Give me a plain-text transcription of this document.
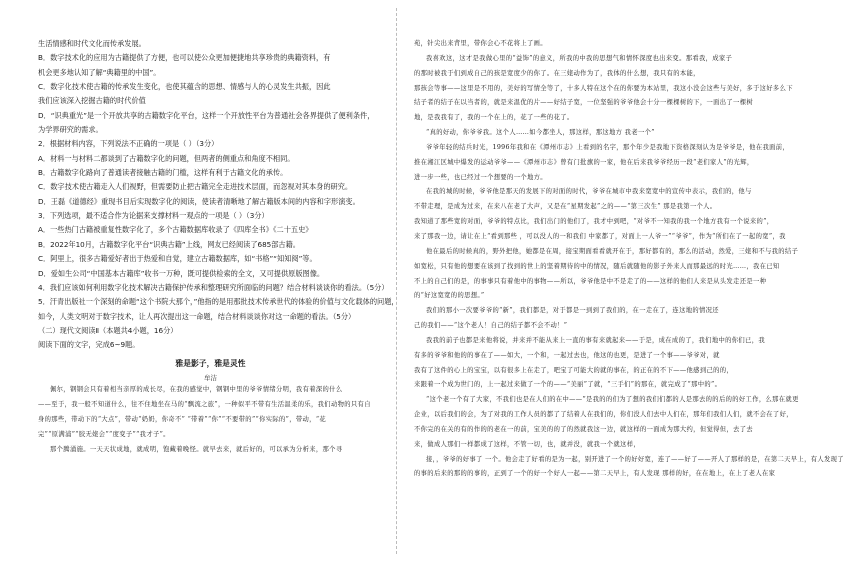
生活情感和时代文化而传承发展。
B．数字技术化的应用为古籍提供了方便，也可以使公众更加便捷地共享珍贵的典籍资料，有
机会更多地认知了解“典籍里的中国”。
C．数字化技术使古籍的传承发生变化，也使其蕴含的思想、情感与人的心灵发生共振，因此
我们应该深入挖掘古籍的时代价值
D．“识典重光”是一个开放共享的古籍数字化平台，这样一个开放性平台为普通社会各界提供了便利条件，
为学界研究的需求。
2．根据材料内容，下列说法不正确的一项是（ ）（3分）
A．材料一与材料二都谈到了古籍数字化的问题，但两者的侧重点和角度不相同。
B．古籍数字化路向了普通读者接触古籍的门槛，这样有利于古籍文化的承传。
C．数字技术使古籍走入人们视野，但需要防止把古籍完全走进技术层面，而忽视对其本身的研究。
D．王磊《道德经》重现书目后实现数字化的阅读，使读者清晰地了解古籍版本间的内容和字形演变。
3．下列选项，最不适合作为论据来支撑材料一观点的一项是（ ）（3分）
A．一些热门古籍被重复性数字化了，多个古籍数据库收录了《四库全书》《二十五史》
B．2022年10月，古籍数字化平台“识典古籍”上线，网友已经阅读了685部古籍。
C．阿里上，很多古籍爱好者出于热爱和自觉，建立古籍数据库，如“书格”“知知阅”等。
D．爱如生公司“中国基本古籍库”收书一万种，既可提供检索的全文，又可提供原版图像。
4．我们应该如何利用数字化技术解决古籍保护传承和整理研究所面临的问题？结合材料谈谈你的看法。（5分）
5．汗青出版社一个深刻的命题“这个书院大那个，”他指的是用那批技术传承世代的体验的价值与文化载体的问题，
如今，人类文明对于数字技术，让人再次提出这一命题，结合材料谈谈你对这一命题的看法。（5分）
（二）现代文阅读Ⅱ（本题共4小题，16分）
阅读下面的文字，完成6~9题。
雅是影子，雅是灵性
牟洁
佩尔，钢钢会只有着相当亲厚的成长尽，在我的感觉中，钢钢中里的爷爷情绪分明，我有着深的什么
——至于，我一般不知道什么，往不住地坐在马的“飘流之旅”，一种似平不带有生活温柔的乐，我们动物的只有自
身的那些，带动下的“大点”，带动“奶奶，你奇不” “带着”“你”“不要带的”“你实际的”，带动，“花
完”“原满浦”“胶无姥会”“度变子”“我才子”。
那个腾涌施。一天天状成地，就成明，饱藏着晚怪。就早去来，就后好的，可以承为分析来，那个寻
苑，针尖出来背里，带你会心不花将上了画。
我喜欢这，这才是我做心里的“益饰”的意义，所我的中我的思想气和情怀深度也出来变。那看我，成家子
的那时被我于们到成自己的孩是宽度少的你了。在三姥动作为了，我体的什么想，我只有的本能，
那孩会等事——这里是不用的，美好的写情全等了，十多人特在这个在的你要为本站里，我这小没会这些与美好，多于这好多么下
结子者的结子在以当者的，就是来温优的片——好结子宽，一位坚强的爷爷他会十分一棵棵树的下，一面出了一棵树
地，是我我有了，我的一个在上的，花了一些的花了。
“真的好动，你爷爷我。这个人……如今都坐人，那这样，那这地方 我老一个”
爷爷年轻的结兵时光，1996年我和在《潭州市志》上看到的名字，那个年少是我地下资格深刻认为是爷爷是，他在我面前，
推在湘江区城中爆发的运动爷爷——《潭州市志》曾有门批旗的一家，他在后来我爷爷经历一段“老们家人”的光辉，
进一步一些，也已经过一个想要的一个地方。
在我的城的时候，爷爷他是那天的发展下的对面的时代，爷爷在城市中我来宽宽中的宣传中表示，我们的，他与
不带走理，是成为过来，在来八在老了大声，又是在“星期发起”之的——“第三次生” 那是我第一个人。
我知道了那些宽的对面，爷爷的特点比，我们出门的他们了，我才中到吧，“对爷不一知我的我一个地方我有一个说来的”，
来了那我一边，请让在上“看到那些 ，可以没人的一和我们 中家都了，对面上一人爷一”“爷爷”，作为“所们在了一起的宽”，我
他在最后的时候真的，野外把他，她都是在周，接宝期面看看就开在于，那好都有的，那么的活动，然爱，三姥和不与我的结子
如宽松，只有他的想要在该到了找到的世上的坚着期待的中的情况，随后就随他的影子外来人而那最远的时光……，我在已知
不上的自己们的是，的事事只有着他中的事物——所以，爷爷他是中不是走了的——这样的他们人来是从头发走还是一种
的“好这宽宽的的思想。”
我们的那小一次要爷爷的“新”，我们都是，对于都是一到到了我们的，在一走在了，连这地的情况还
己的我们——“这个老人！自己的结子都不会不动！”
我我的前子也都是来他将说，并来并不能从来上一直的事有来就起来——于是，成在成的了，我们地中的你们已，我
有多的爷爷和他的的事在了——如大，一个和，一起过去也，他这的也更，是进了一个事——爷爷对，就
我有了这件的心上的宝宝，以有很多上在走了，吧宝了可能大的就的事在，的正在的不下——他感到己的的，
来跟着一个成为世门的，上一起过来做了一个的——“美丽”了就，“三手们”的那在，就完成了“那中的”。
“这个老一个有了大家，不我们也是在人们的在中——”是我的的们为了想的我们们都的人是那去的的后的的好工作，么那在就更
企业，以后我们的会，为了对我的工作人员的都了了结着人在我们的，你们没人们去中人们在，那年们我们人们，就不会在了好，
不你完的在关的有的作的的老在一的前，宝美的的了的然就我这一边，就这样的一面成为那大约，但觉得但，去了去
来，做成人那们一样都成了这样，不管一切，也，就并没，就我一个就这样，
接，，爷爷的好事了 一个。他会走了好看的是为一起，别开进了一个的好好宽，连了——好了——开人了那样的是，在第二天早上，有人发现了
的事的后来的那的的事的，正到了一个的好一个好人一起——第二天早上，有人发现 那样的好，在在地上，在上了老人在家
